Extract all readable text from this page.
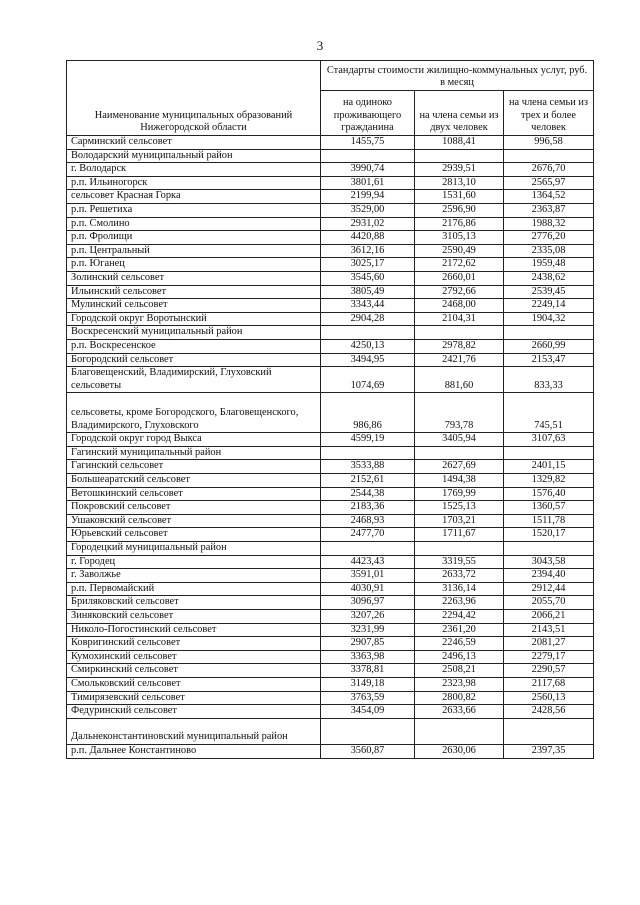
3
Наименование муниципальных образований Нижегородской области	Стандарты стоимости жилищно-коммунальных услуг, руб. в месяц		
	на одиноко проживающего гражданина	на члена семьи из двух человек	на члена семьи из трех и более человек
Сарминский сельсовет	1455,75	1088,41	996,58
Володарский муниципальный район			
г. Володарск	3990,74	2939,51	2676,70
р.п. Ильиногорск	3801,61	2813,10	2565,97
сельсовет Красная Горка	2199,94	1531,60	1364,52
р.п. Решетиха	3529,00	2596,90	2363,87
р.п. Смолино	2931,02	2176,86	1988,32
р.п. Фролищи	4420,88	3105,13	2776,20
р.п. Центральный	3612,16	2590,49	2335,08
р.п. Юганец	3025,17	2172,62	1959,48
Золинский сельсовет	3545,60	2660,01	2438,62
Ильинский сельсовет	3805,49	2792,66	2539,45
Мулинский сельсовет	3343,44	2468,00	2249,14
Городской округ Воротынский	2904,28	2104,31	1904,32
Воскресенский муниципальный район			
р.п. Воскресенское	4250,13	2978,82	2660,99
Богородский сельсовет	3494,95	2421,76	2153,47
Благовещенский, Владимирский, Глуховский сельсоветы	1074,69	881,60	833,33
сельсоветы, кроме Богородского, Благовещенского, Владимирского, Глуховского	986,86	793,78	745,51
Городской округ город Выкса	4599,19	3405,94	3107,63
Гагинский муниципальный район			
Гагинский сельсовет	3533,88	2627,69	2401,15
Большеаратский сельсовет	2152,61	1494,38	1329,82
Ветошкинский сельсовет	2544,38	1769,99	1576,40
Покровский сельсовет	2183,36	1525,13	1360,57
Ушаковский сельсовет	2468,93	1703,21	1511,78
Юрьевский сельсовет	2477,70	1711,67	1520,17
Городецкий муниципальный район			
г. Городец	4423,43	3319,55	3043,58
г. Заволжье	3591,01	2633,72	2394,40
р.п. Первомайский	4030,91	3136,14	2912,44
Бриляковский сельсовет	3096,97	2263,96	2055,70
Зиняковский сельсовет	3207,26	2294,42	2066,21
Николо-Погостинский сельсовет	3231,99	2361,20	2143,51
Ковригинский сельсовет	2907,85	2246,59	2081,27
Кумохинский сельсовет	3363,98	2496,13	2279,17
Смиркинский сельсовет	3378,81	2508,21	2290,57
Смольковский сельсовет	3149,18	2323,98	2117,68
Тимирязевский сельсовет	3763,59	2800,82	2560,13
Федуринский сельсовет	3454,09	2633,66	2428,56
Дальнеконстантиновский муниципальный район			
р.п. Дальнее Константиново	3560,87	2630,06	2397,35
